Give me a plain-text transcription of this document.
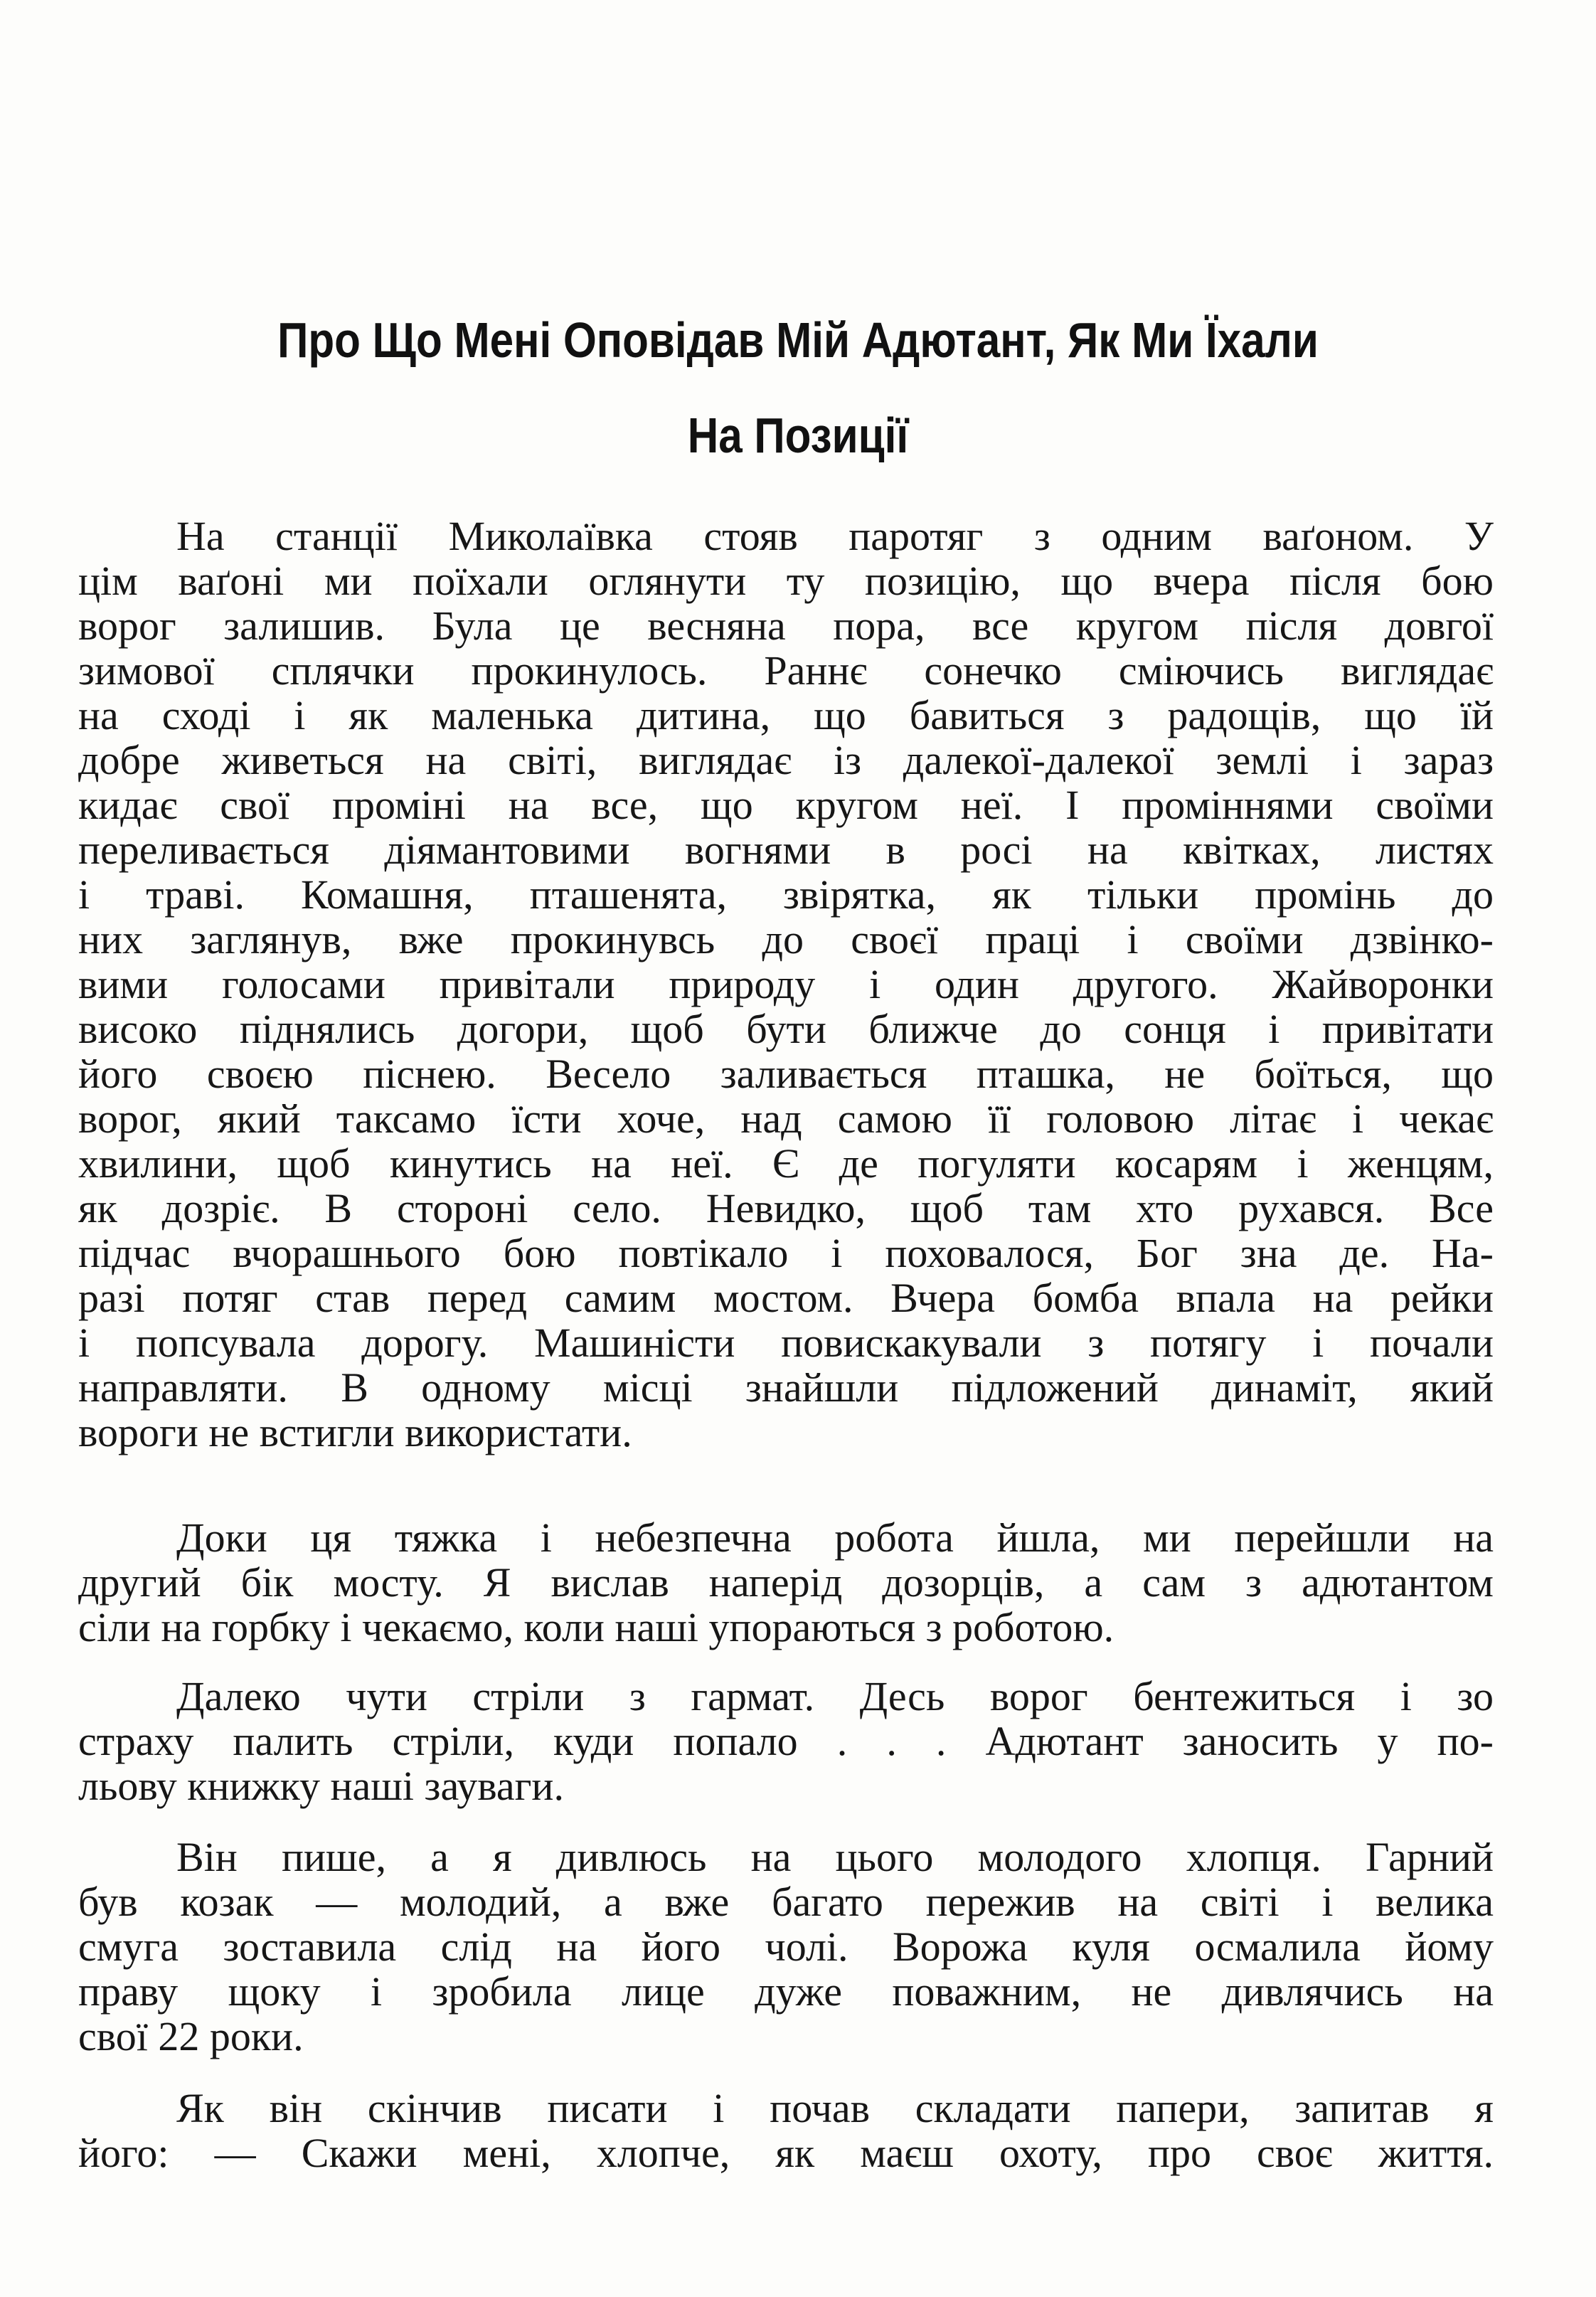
Про Що Мені Оповідав Мій Адютант, Як Ми Їхали
На Позиції
На станції Миколаївка стояв паротяг з одним ваґоном. У
цім ваґоні ми поїхали оглянути ту позицію, що вчера після бою
ворог залишив. Була це весняна пора, все кругом після довгої
зимової сплячки прокинулось. Раннє сонечко сміючись виглядає
на сході і як маленька дитина, що бавиться з радощів, що їй
добре живеться на світі, виглядає із далекої-далекої землі і зараз
кидає свої проміні на все, що кругом неї. І проміннями своїми
переливається діямантовими вогнями в росі на квітках, листях
і траві. Комашня, пташенята, звірятка, як тільки промінь до
них заглянув, вже прокинувсь до своєї праці і своїми дзвінко-
вими голосами привітали природу і один другого. Жайворонки
високо піднялись догори, щоб бути ближче до сонця і привітати
його своєю піснею. Весело заливається пташка, не боїться, що
ворог, який таксамо їсти хоче, над самою її головою літає і чекає
хвилини, щоб кинутись на неї. Є де погуляти косарям і женцям,
як дозріє. В стороні село. Невидко, щоб там хто рухався. Все
підчас вчорашнього бою повтікало і поховалося, Бог зна де. На-
разі потяг став перед самим мостом. Вчера бомба впала на рейки
і попсувала дорогу. Машиністи повискакували з потягу і почали
направляти. В одному місці знайшли підложений динаміт, який
вороги не встигли використати.
Доки ця тяжка і небезпечна робота йшла, ми перейшли на
другий бік мосту. Я вислав наперід дозорців, а сам з адютантом
сіли на горбку і чекаємо, коли наші упораються з роботою.
Далеко чути стріли з гармат. Десь ворог бентежиться і зо
страху палить стріли, куди попало . . . Адютант заносить у по-
льову книжку наші зауваги.
Він пише, а я дивлюсь на цього молодого хлопця. Гарний
був козак — молодий, а вже багато пережив на світі і велика
смуга зоставила слід на його чолі. Ворожа куля осмалила йому
праву щоку і зробила лице дуже поважним, не дивлячись на
свої 22 роки.
Як він скінчив писати і почав складати папери, запитав я
його: — Скажи мені, хлопче, як маєш охоту, про своє життя.
